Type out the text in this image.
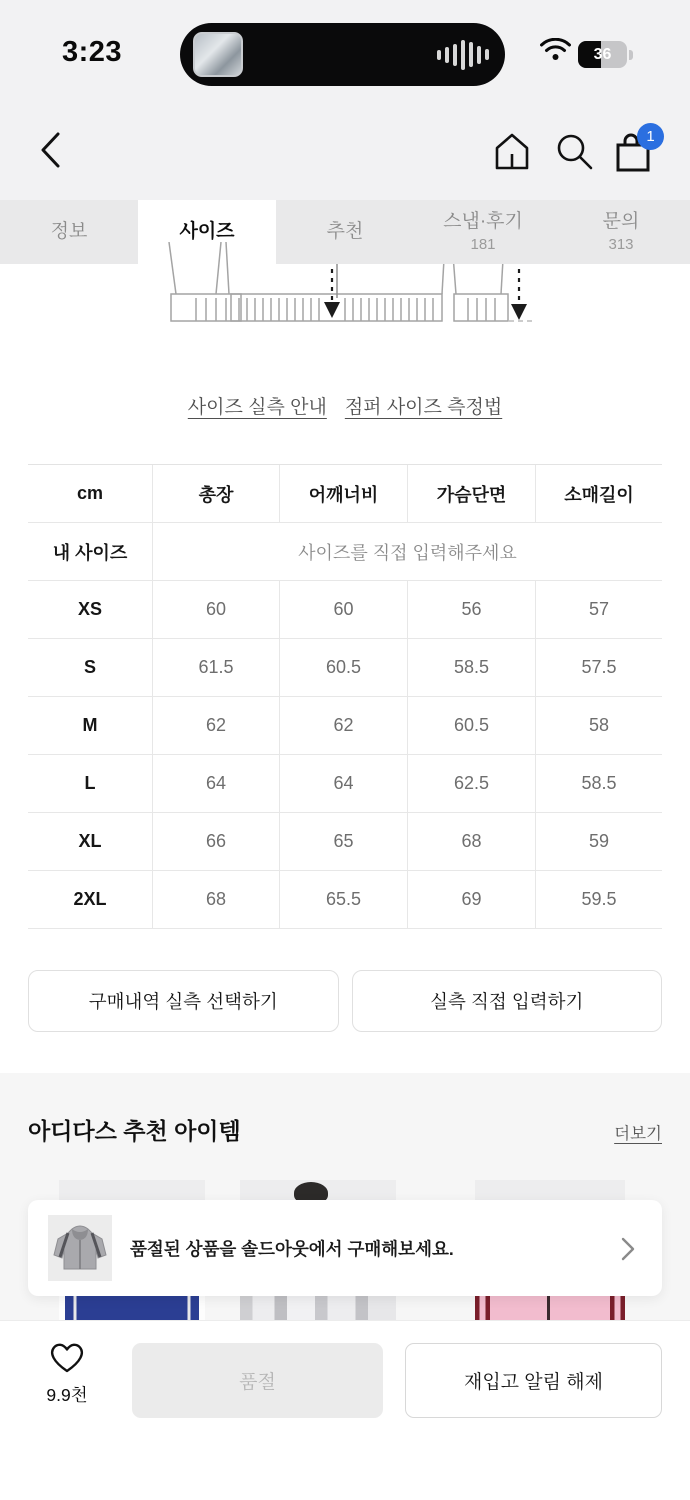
3:23	36
1
정보	사이즈	추천	스냅·후기
181
문의
313
사이즈 실측 안내 점퍼 사이즈 측정법
cm	총장	어깨너비	가슴단면	소매길이
내 사이즈	사이즈를 직접 입력해주세요
XS	60	60	56	57
S	61.5	60.5	58.5	57.5
M	62	62	60.5	58
L	64	64	62.5	58.5
XL	66	65	68	59
2XL	68	65.5	69	59.5
구매내역 실측 선택하기	실측 직접 입력하기
아디다스 추천 아이템	더보기
품절된 상품을 솔드아웃에서 구매해보세요.
9.9천
품절	재입고 알림 해제
